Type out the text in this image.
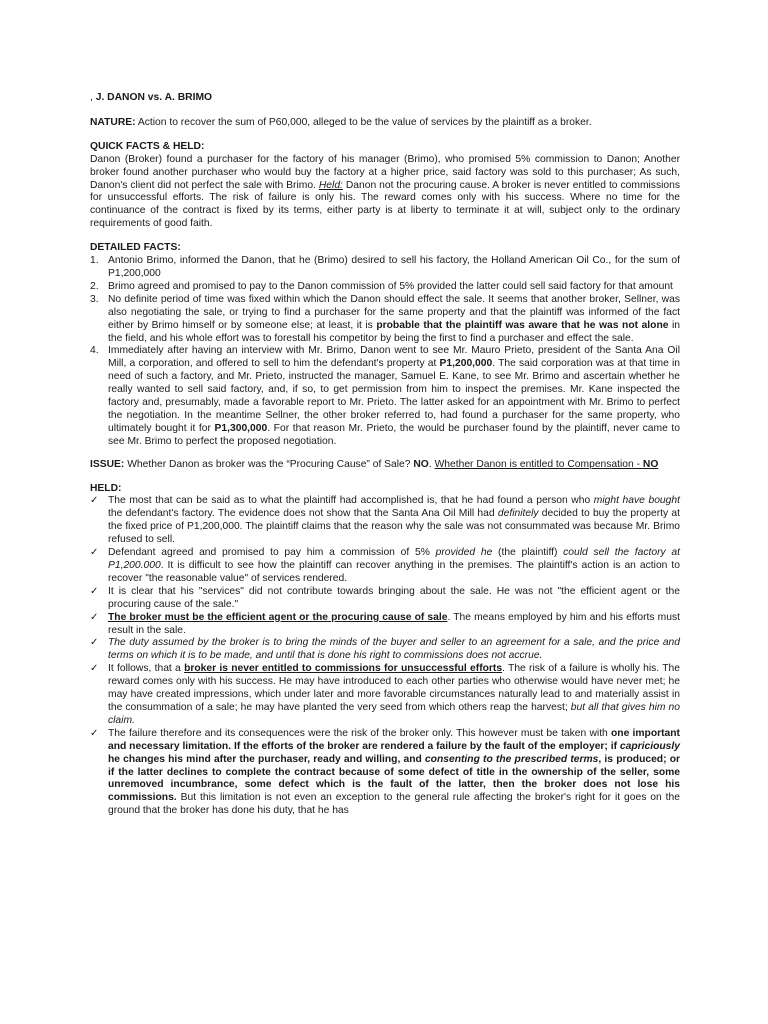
, J. DANON vs. A. BRIMO

NATURE: Action to recover the sum of P60,000, alleged to be the value of services by the plaintiff as a broker.

QUICK FACTS & HELD:

Danon (Broker) found a purchaser for the factory of his manager (Brimo), who promised 5% commission to Danon; Another broker found another purchaser who would buy the factory at a higher price, said factory was sold to this purchaser; As such, Danon's client did not perfect the sale with Brimo. Held: Danon not the procuring cause. A broker is never entitled to commissions for unsuccessful efforts. The risk of failure is only his. The reward comes only with his success. Where no time for the continuance of the contract is fixed by its terms, either party is at liberty to terminate it at will, subject only to the ordinary requirements of good faith.

DETAILED FACTS:
1. Antonio Brimo, informed the Danon, that he (Brimo) desired to sell his factory, the Holland American Oil Co., for the sum of P1,200,000
2. Brimo agreed and promised to pay to the Danon commission of 5% provided the latter could sell said factory for that amount
3. No definite period of time was fixed within which the Danon should effect the sale. It seems that another broker, Sellner, was also negotiating the sale, or trying to find a purchaser for the same property and that the plaintiff was informed of the fact either by Brimo himself or by someone else; at least, it is probable that the plaintiff was aware that he was not alone in the field, and his whole effort was to forestall his competitor by being the first to find a purchaser and effect the sale.
4. Immediately after having an interview with Mr. Brimo, Danon went to see Mr. Mauro Prieto, president of the Santa Ana Oil Mill, a corporation, and offered to sell to him the defendant's property at P1,200,000. The said corporation was at that time in need of such a factory, and Mr. Prieto, instructed the manager, Samuel E. Kane, to see Mr. Brimo and ascertain whether he really wanted to sell said factory, and, if so, to get permission from him to inspect the premises. Mr. Kane inspected the factory and, presumably, made a favorable report to Mr. Prieto. The latter asked for an appointment with Mr. Brimo to perfect the negotiation. In the meantime Sellner, the other broker referred to, had found a purchaser for the same property, who ultimately bought it for P1,300,000. For that reason Mr. Prieto, the would be purchaser found by the plaintiff, never came to see Mr. Brimo to perfect the proposed negotiation.

ISSUE: Whether Danon as broker was the “Procuring Cause” of Sale? NO. Whether Danon is entitled to Compensation - NO

HELD:
✓ The most that can be said as to what the plaintiff had accomplished is, that he had found a person who might have bought the defendant's factory. The evidence does not show that the Santa Ana Oil Mill had definitely decided to buy the property at the fixed price of P1,200,000. The plaintiff claims that the reason why the sale was not consummated was because Mr. Brimo refused to sell.
✓ Defendant agreed and promised to pay him a commission of 5% provided he (the plaintiff) could sell the factory at P1,200.000. It is difficult to see how the plaintiff can recover anything in the premises. The plaintiff's action is an action to recover "the reasonable value" of services rendered.
✓ It is clear that his "services" did not contribute towards bringing about the sale. He was not "the efficient agent or the procuring cause of the sale."
✓ The broker must be the efficient agent or the procuring cause of sale. The means employed by him and his efforts must result in the sale.
✓ The duty assumed by the broker is to bring the minds of the buyer and seller to an agreement for a sale, and the price and terms on which it is to be made, and until that is done his right to commissions does not accrue.
✓ It follows, that a broker is never entitled to commissions for unsuccessful efforts. The risk of a failure is wholly his. The reward comes only with his success. He may have introduced to each other parties who otherwise would have never met; he may have created impressions, which under later and more favorable circumstances naturally lead to and materially assist in the consummation of a sale; he may have planted the very seed from which others reap the harvest; but all that gives him no claim.
✓ The failure therefore and its consequences were the risk of the broker only. This however must be taken with one important and necessary limitation. If the efforts of the broker are rendered a failure by the fault of the employer; if capriciously he changes his mind after the purchaser, ready and willing, and consenting to the prescribed terms, is produced; or if the latter declines to complete the contract because of some defect of title in the ownership of the seller, some unremoved incumbrance, some defect which is the fault of the latter, then the broker does not lose his commissions. But this limitation is not even an exception to the general rule affecting the broker's right for it goes on the ground that the broker has done his duty, that he has
